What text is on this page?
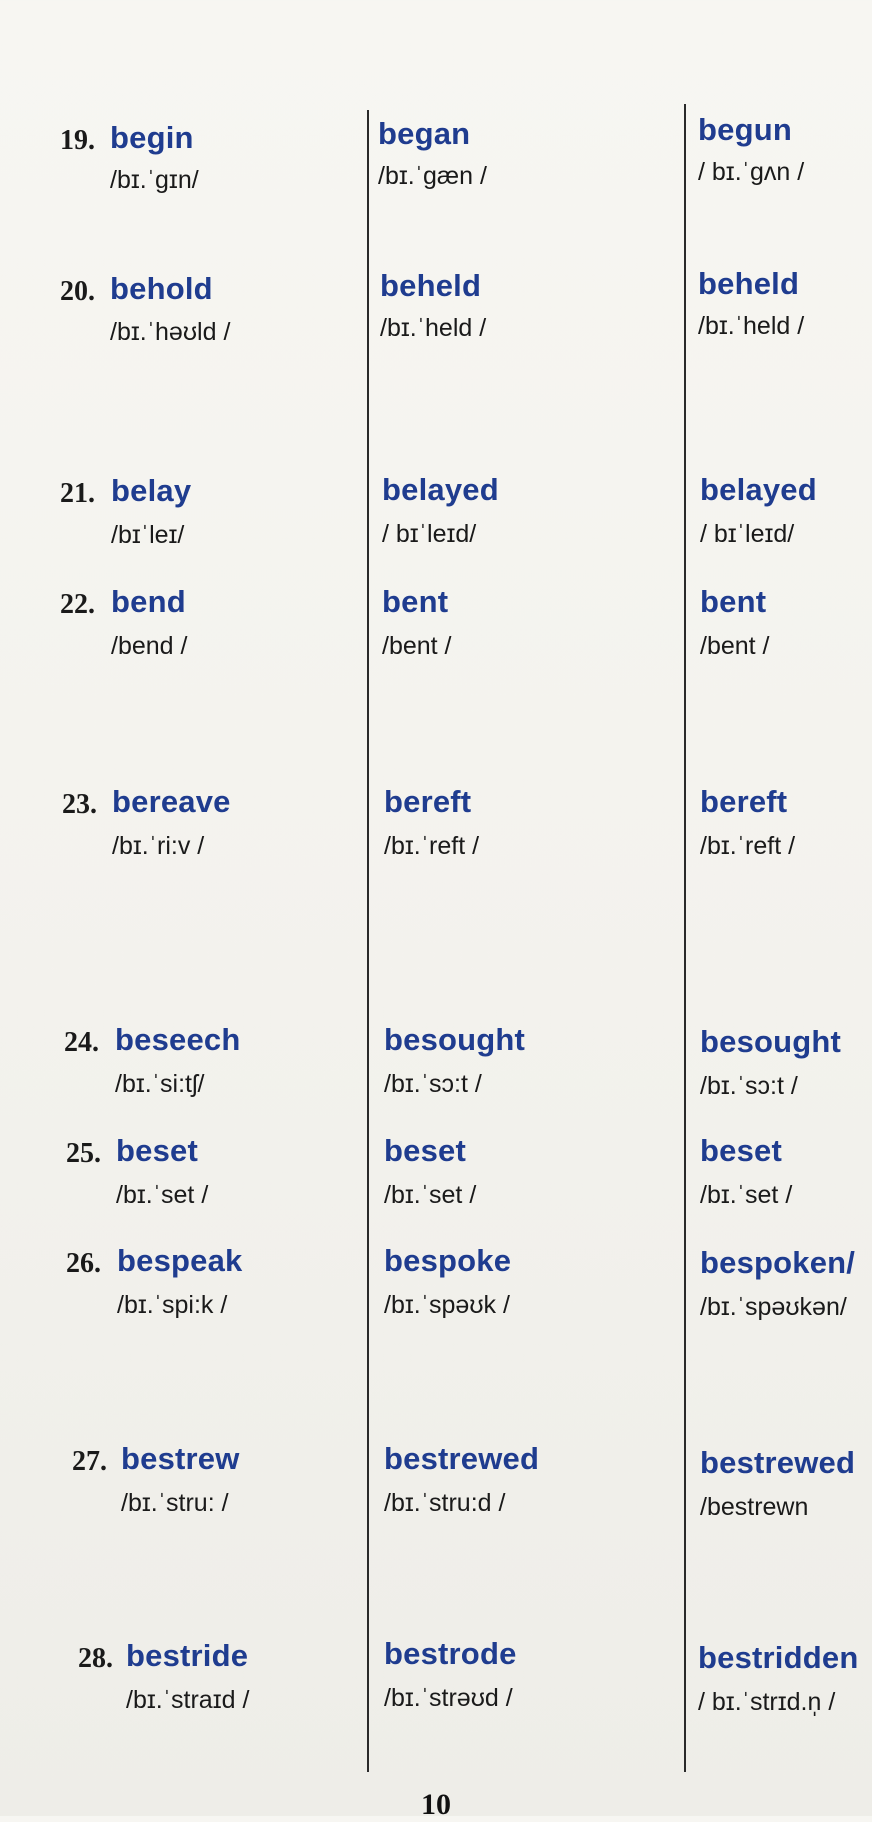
19. begin
/bɪ.ˈgɪn/
began
/bɪ.ˈgæn /
begun
/ bɪ.ˈgʌn /
20. behold
/bɪ.ˈhəʊld /
beheld
/bɪ.ˈheld /
beheld
/bɪ.ˈheld /
21. belay
/bɪˈleɪ/
belayed
/ bɪˈleɪd/
belayed
/ bɪˈleɪd/
22. bend
/bend /
bent
/bent /
bent
/bent /
23. bereave
/bɪ.ˈri:v /
bereft
/bɪ.ˈreft /
bereft
/bɪ.ˈreft /
24. beseech
/bɪ.ˈsi:tʃ/
besought
/bɪ.ˈsɔ:t /
besought
/bɪ.ˈsɔ:t /
25. beset
/bɪ.ˈset /
beset
/bɪ.ˈset /
beset
/bɪ.ˈset /
26. bespeak
/bɪ.ˈspi:k /
bespoke
/bɪ.ˈspəʊk /
bespoken/
/bɪ.ˈspəʊkən/
27. bestrew
/bɪ.ˈstru: /
bestrewed
/bɪ.ˈstru:d /
bestrewed
/bestrewn
28. bestride
/bɪ.ˈstraɪd /
bestrode
/bɪ.ˈstrəʊd /
bestridden
/ bɪ.ˈstrɪd.n̩ /
10
